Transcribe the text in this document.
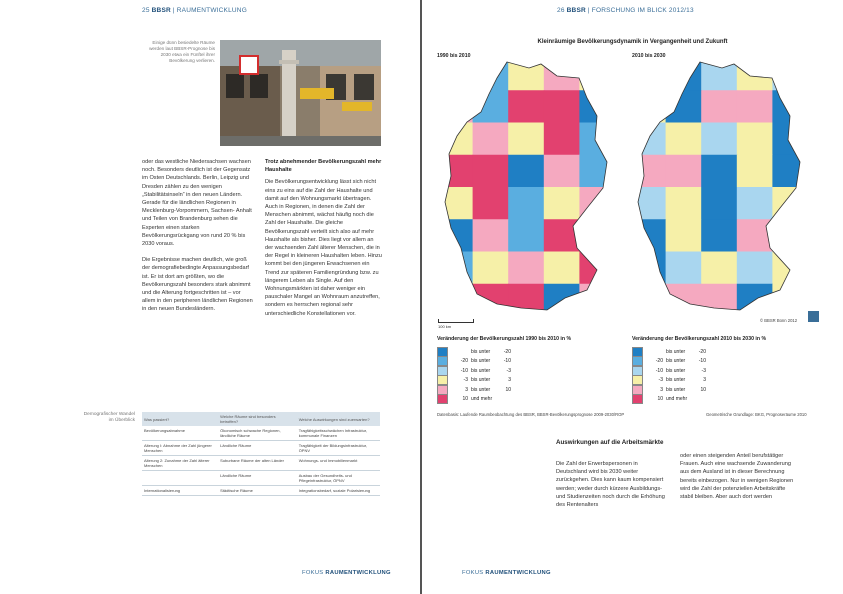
25 BBSR | RAUMENTWICKLUNG
Einige dünn besiedelte Räume werden laut BBSR-Prognose bis 2030 etwa ein Fünftel ihrer Bevölkerung verlieren.

oder das westliche Niedersachsen wachsen noch. Besonders deutlich ist der Gegensatz im Osten Deutschlands. Berlin, Leipzig und Dresden zählen zu den wenigen „Stabilitätsinseln“ in den neuen Ländern. Gerade für die ländlichen Regionen in Mecklenburg-Vorpommern, Sachsen- Anhalt und Teilen von Brandenburg sehen die Experten einen starken Bevölkerungsrückgang von rund 20 % bis 2030 voraus.

Die Ergebnisse machen deutlich, wie groß der demografiebedingte Anpassungsbedarf ist. Er ist dort am größten, wo die Bevölkerungszahl besonders stark abnimmt und die Alterung fortgeschritten ist – vor allem in den peripheren ländlichen Regionen in den neuen Bundesländern.

Trotz abnehmender Bevölkerungszahl mehr Haushalte

Die Bevölkerungsentwicklung lässt sich nicht eins zu eins auf die Zahl der Haushalte und damit auf den Wohnungsmarkt übertragen. Auch in Regionen, in denen die Zahl der Menschen abnimmt, wächst häufig noch die Zahl der Haushalte. Die gleiche Bevölkerungszahl verteilt sich also auf mehr Haushalte als bisher. Dies liegt vor allem an der wachsenden Zahl älterer Menschen, die in der Regel in kleineren Haushalten leben. Hinzu kommt bei den jüngeren Erwachsenen ein Trend zur späteren Familiengründung bzw. zu längerem Leben als Single. Auf den Wohnungsmärkten ist daher weniger ein pauschaler Mangel an Wohnraum anzutreffen, sondern es herrschen regional sehr unterschiedliche Konstellationen vor.

Demografischer Wandel im Überblick Was passiert?	Welche Räume sind besonders betroffen?	Welche Auswirkungen sind zuerwarten?
Bevölkerungsabnahme	Ökonomisch schwache Regionen, ländliche Räume	Tragfähigkeitsschwächen Infrastruktur, kommunale Finanzen
Alterung I: Abnahme der Zahl jüngerer Menschen	Ländliche Räume	Tragfähigkeit der Bildungsinfrastruktur, ÖPNV
Alterung 2: Zunahme der Zahl älterer Menschen	Suburbane Räume der alten Länder	Wohnungs- und Immobilienmarkt
	Ländliche Räume	Ausbau der Gesundheits- und Pflegeinfrastruktur, ÖPNV
Internationalisierung	Städtische Räume	Integrationsbedarf, soziale Polarisierung
FOKUS RAUMENTWICKLUNG
26 BBSR | FORSCHUNG IM BLICK 2012/13
Kleinräumige Bevölkerungsdynamik in Vergangenheit und Zukunft
1990 bis 2010	2010 bis 2030
100 km
© BBSR Bonn 2012
Veränderung der Bevölkerungszahl 1990 bis 2010 in %	Veränderung der Bevölkerungszahl 2010 bis 2030 in %
bis unter	-20
-20 bis unter	-10
-10 bis unter	-3
-3 bis unter	3
3 bis unter	10
10 und mehr
bis unter	-20
-20 bis unter	-10
-10 bis unter	-3
-3 bis unter	3
3 bis unter	10
10 und mehr
Datenbasis: Laufende Raumbeobachtung des BBSR, BBSR-Bevölkerungsprognose 2009-2030/ROP	Geometrische Grundlage: BKG, Prognoseräume 2010
Auswirkungen auf die Arbeitsmärkte
Die Zahl der Erwerbspersonen in Deutschland wird bis 2030 weiter zurückgehen. Dies kann kaum kompensiert werden; weder durch kürzere Ausbildungs- und Studienzeiten noch durch die Erhöhung des Rentenalters
oder einen steigenden Anteil berufstätiger Frauen. Auch eine wachsende Zuwanderung aus dem Ausland ist in dieser Berechnung bereits einbezogen. Nur in wenigen Regionen wird die Zahl der potenziellen Arbeitskräfte stabil bleiben. Aber auch dort werden
FOKUS RAUMENTWICKLUNG
